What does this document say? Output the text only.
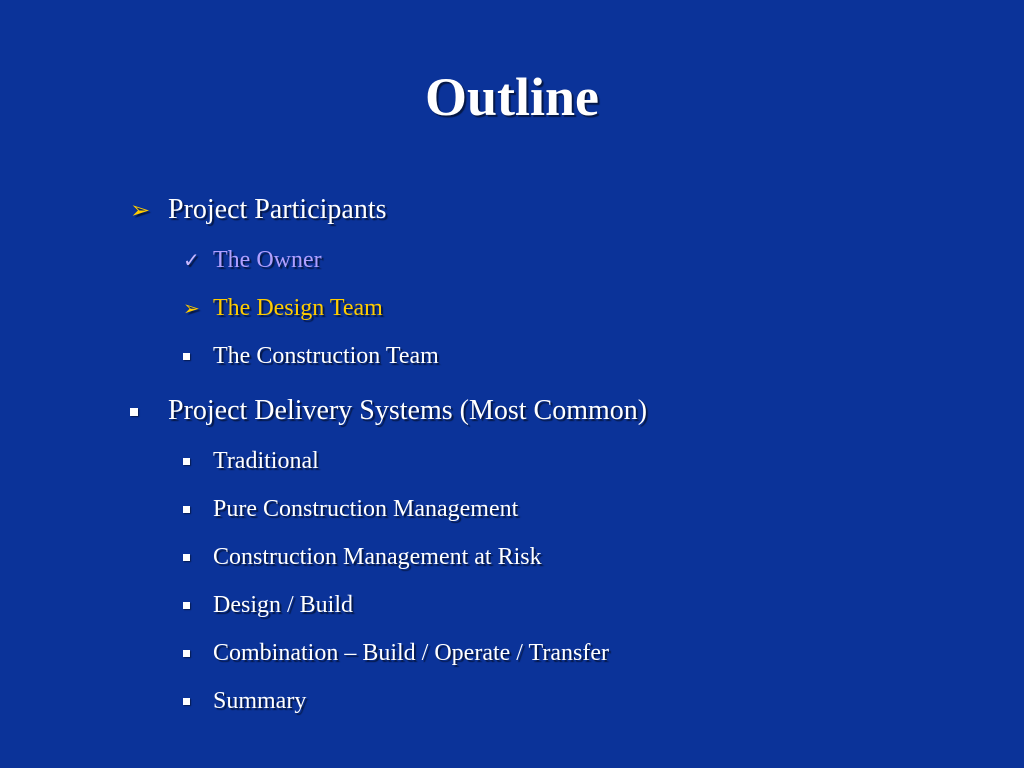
Outline
➢ Project Participants
✓ The Owner
➢ The Design Team
The Construction Team
Project Delivery Systems (Most Common)
Traditional
Pure Construction Management
Construction Management at Risk
Design / Build
Combination – Build / Operate / Transfer
Summary
